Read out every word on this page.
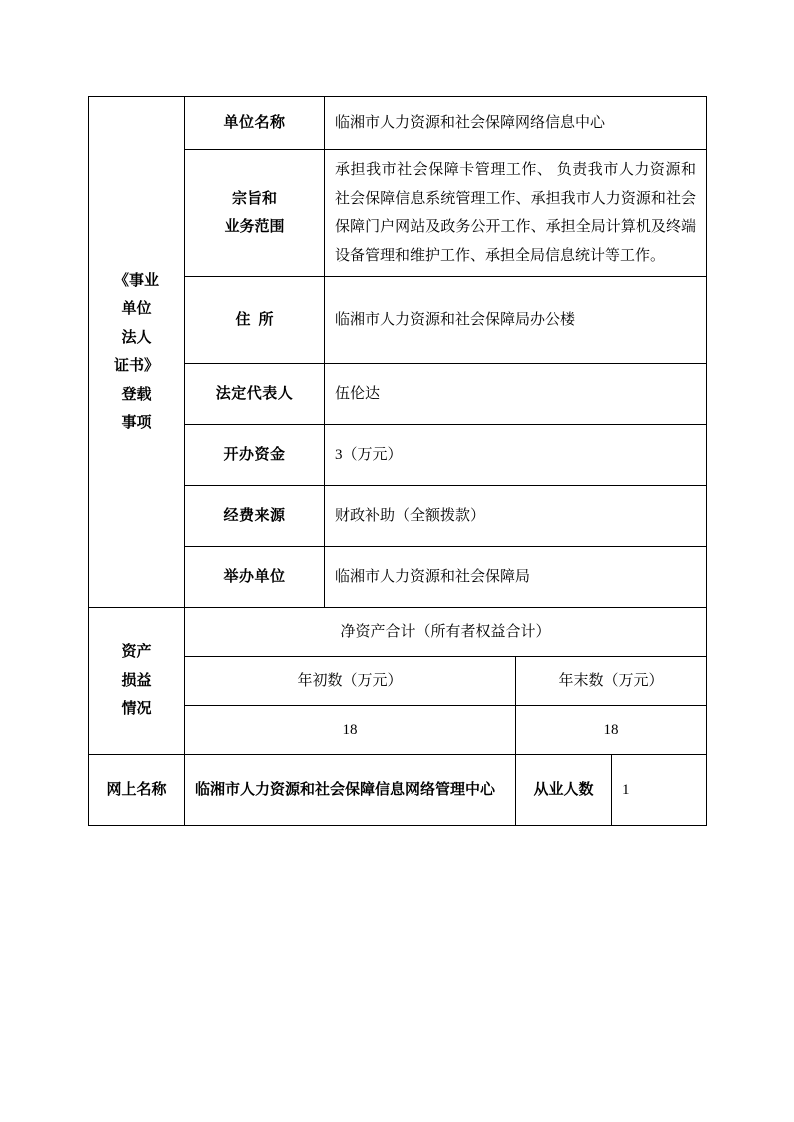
《事业
单位
法人
证书》
登载
事项
	单位名称	临湘市人力资源和社会保障网络信息中心

	宗旨和
业务范围	承担我市社会保障卡管理工作、 负责我市人力资源和社会保障信息系统管理工作、承担我市人力资源和社会保障门户网站及政务公开工作、承担全局计算机及终端设备管理和维护工作、承担全局信息统计等工作。		
	住所	临湘市人力资源和社会保障局办公楼		
	法定代表人	伍伦达		
	开办资金	3（万元）		
	经费来源	财政补助（全额拨款）		
	举办单位	临湘市人力资源和社会保障局		

资产
损益
情况	净资产合计（所有者权益合计）			
	年初数（万元）		年末数（万元）	
	18		18	
网上名称	临湘市人力资源和社会保障信息网络管理中心		从业人数	1
